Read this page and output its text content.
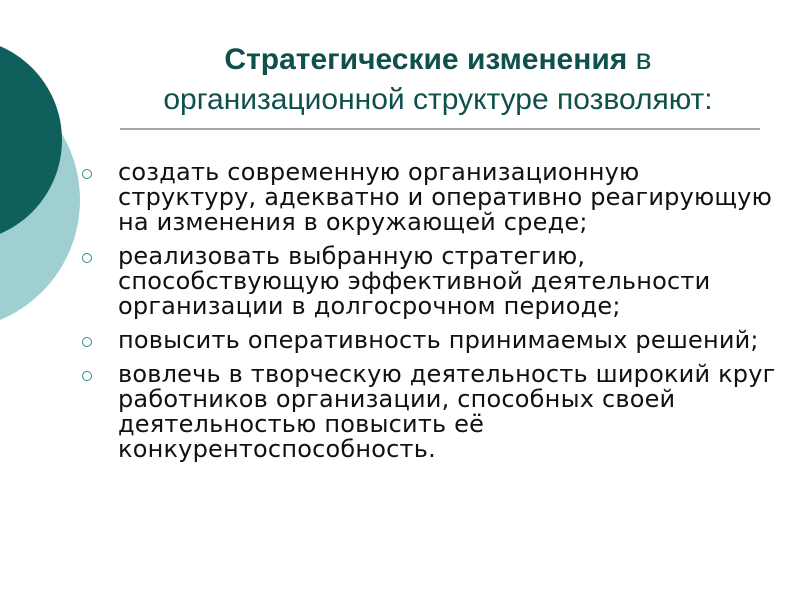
Стратегические изменения в
организационной структуре позволяют:
создать современную организационную структуру, адекватно и оперативно реагирующую на изменения в окружающей среде;
реализовать выбранную стратегию, способствующую эффективной деятельности организации в долгосрочном периоде;
повысить оперативность принимаемых решений;
вовлечь в творческую деятельность широкий круг работников организации, способных своей деятельностью повысить её конкурентоспособность.
